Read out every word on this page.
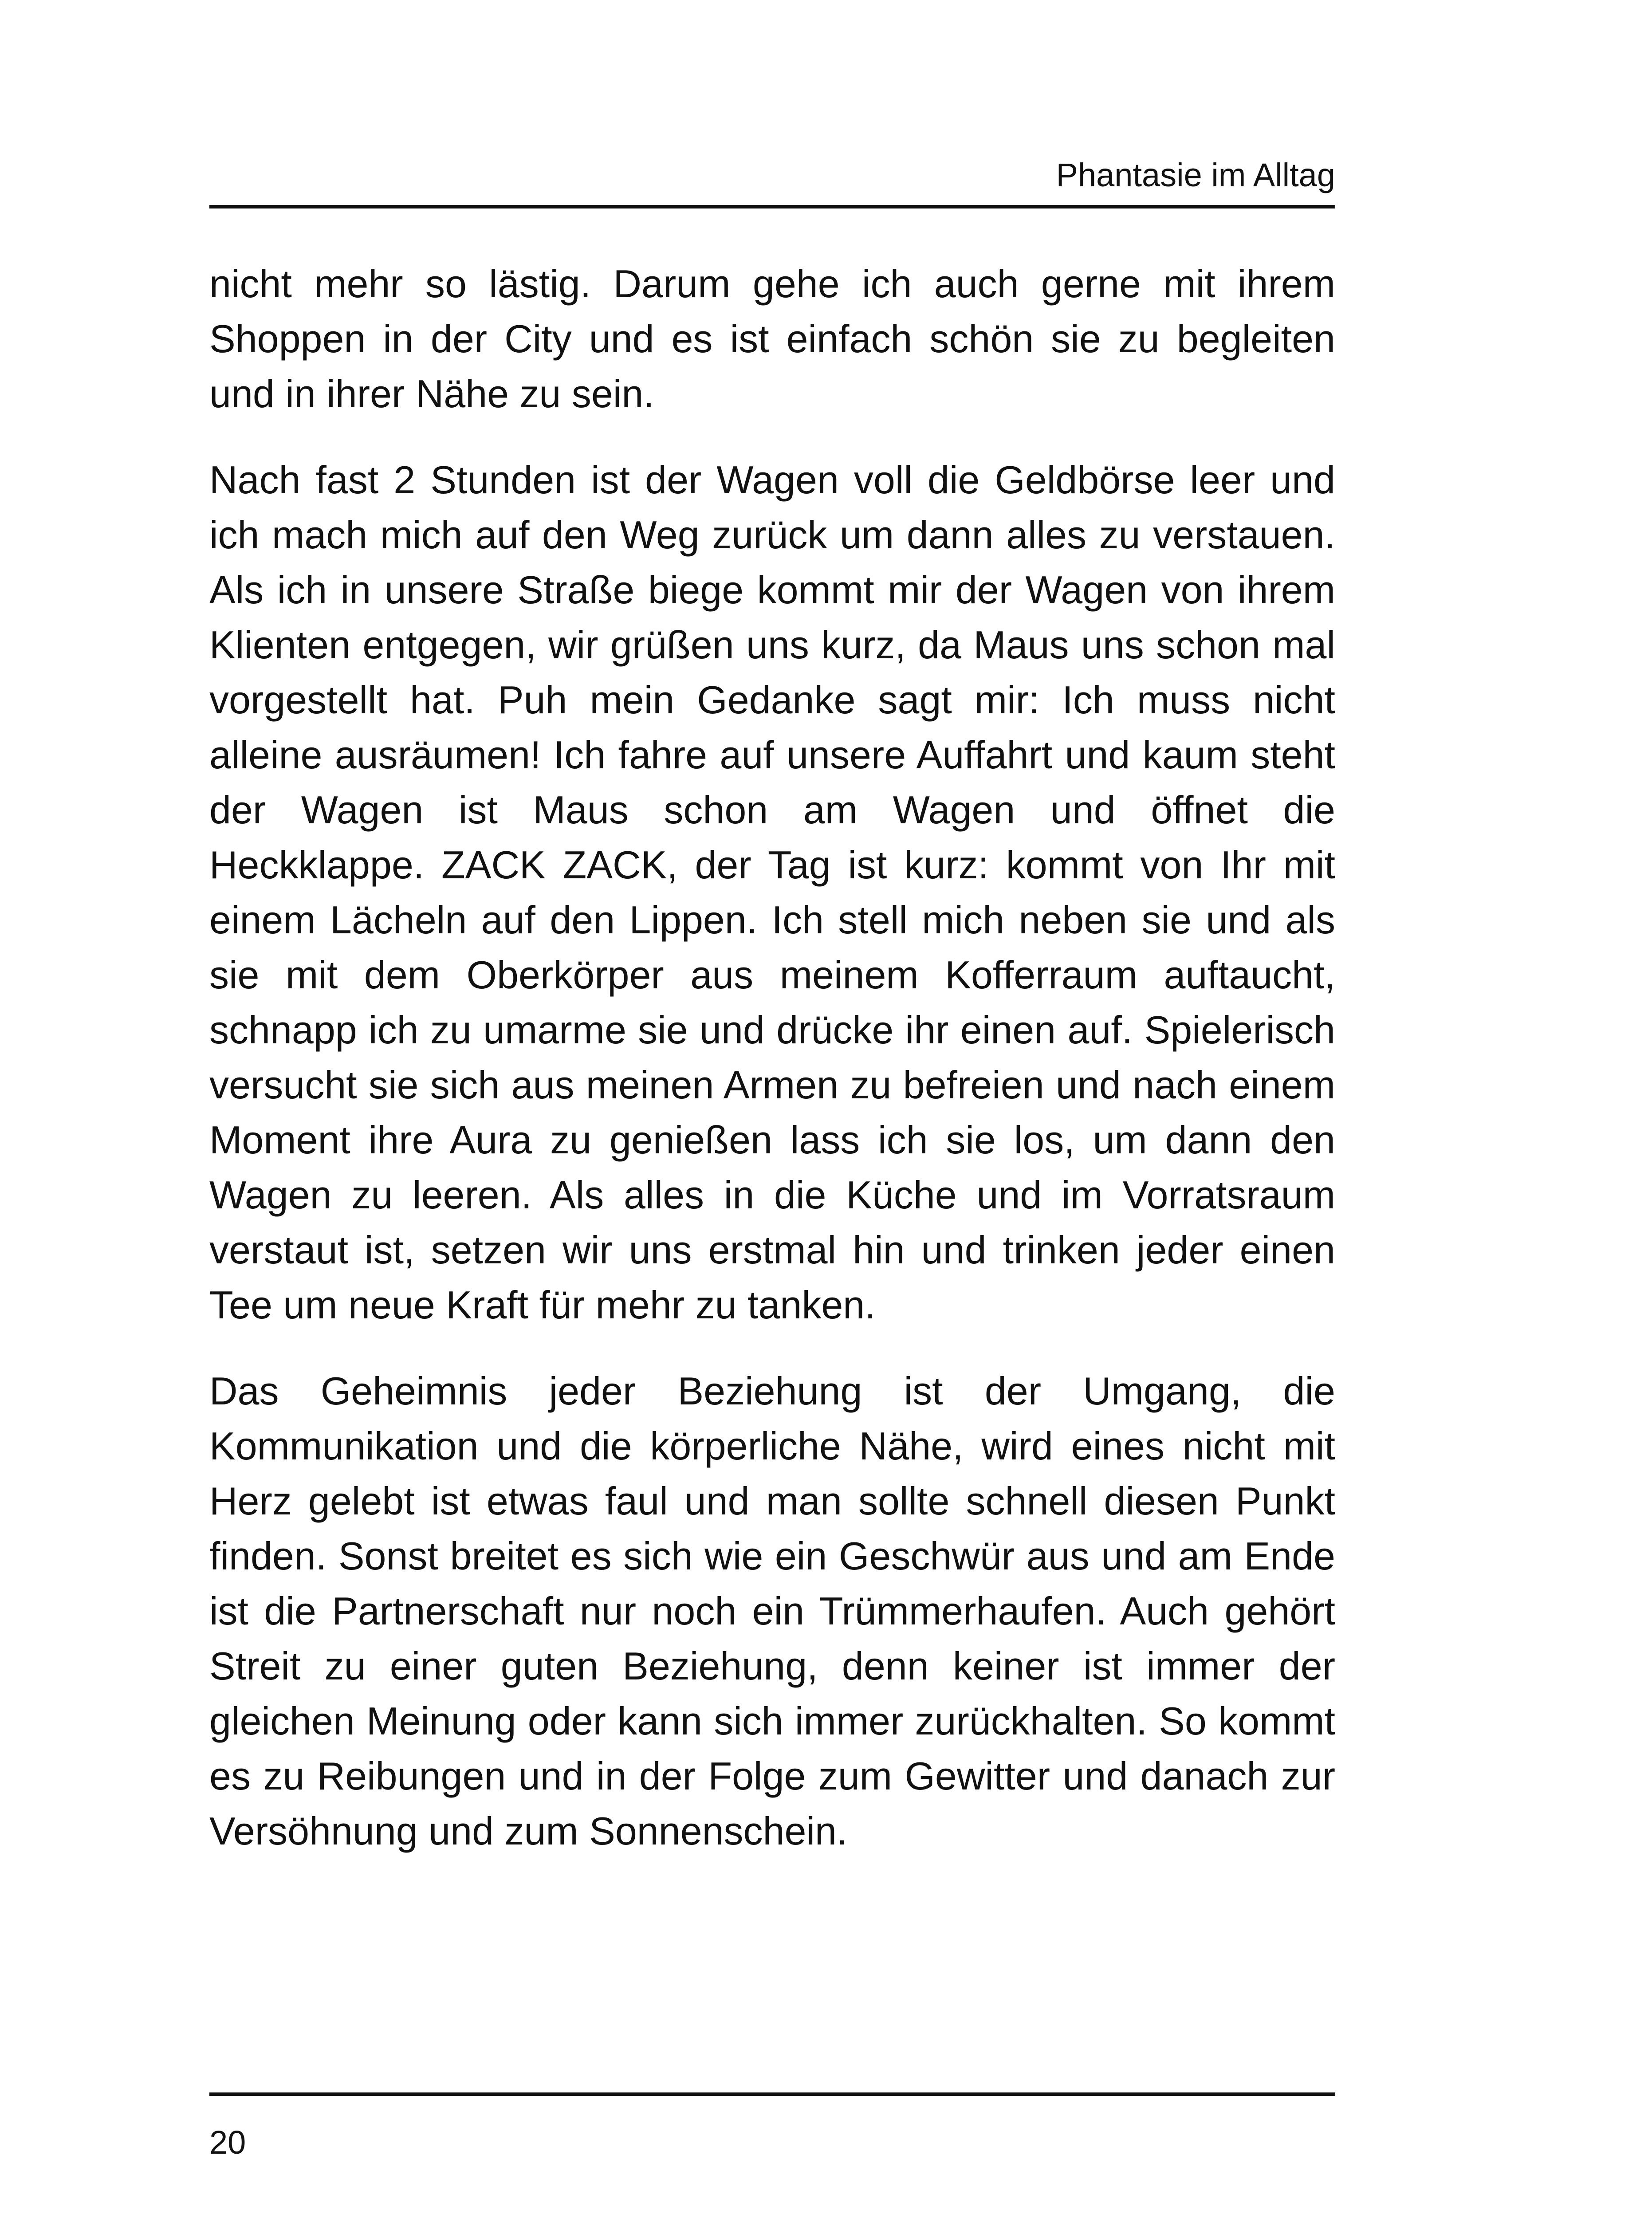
Phantasie im Alltag

nicht mehr so lästig. Darum gehe ich auch gerne mit ihrem Shoppen in der City und es ist einfach schön sie zu begleiten und in ihrer Nähe zu sein.

Nach fast 2 Stunden ist der Wagen voll die Geldbörse leer und ich mach mich auf den Weg zurück um dann alles zu verstauen. Als ich in unsere Straße biege kommt mir der Wagen von ihrem Klienten entgegen, wir grüßen uns kurz, da Maus uns schon mal vorgestellt hat. Puh mein Gedanke sagt mir: Ich muss nicht alleine ausräumen! Ich fahre auf unsere Auffahrt und kaum steht der Wagen ist Maus schon am Wagen und öffnet die Heckklappe. ZACK ZACK, der Tag ist kurz: kommt von Ihr mit einem Lächeln auf den Lippen. Ich stell mich neben sie und als sie mit dem Oberkörper aus meinem Kofferraum auftaucht, schnapp ich zu umarme sie und drücke ihr einen auf. Spielerisch versucht sie sich aus meinen Armen zu befreien und nach einem Moment ihre Aura zu genießen lass ich sie los, um dann den Wagen zu leeren. Als alles in die Küche und im Vorratsraum verstaut ist, setzen wir uns erstmal hin und trinken jeder einen Tee um neue Kraft für mehr zu tanken.

Das Geheimnis jeder Beziehung ist der Umgang, die Kommunikation und die körperliche Nähe, wird eines nicht mit Herz gelebt ist etwas faul und man sollte schnell diesen Punkt finden. Sonst breitet es sich wie ein Geschwür aus und am Ende ist die Partnerschaft nur noch ein Trümmerhaufen. Auch gehört Streit zu einer guten Beziehung, denn keiner ist immer der gleichen Meinung oder kann sich immer zurückhalten. So kommt es zu Reibungen und in der Folge zum Gewitter und danach zur Versöhnung und zum Sonnenschein.

20
